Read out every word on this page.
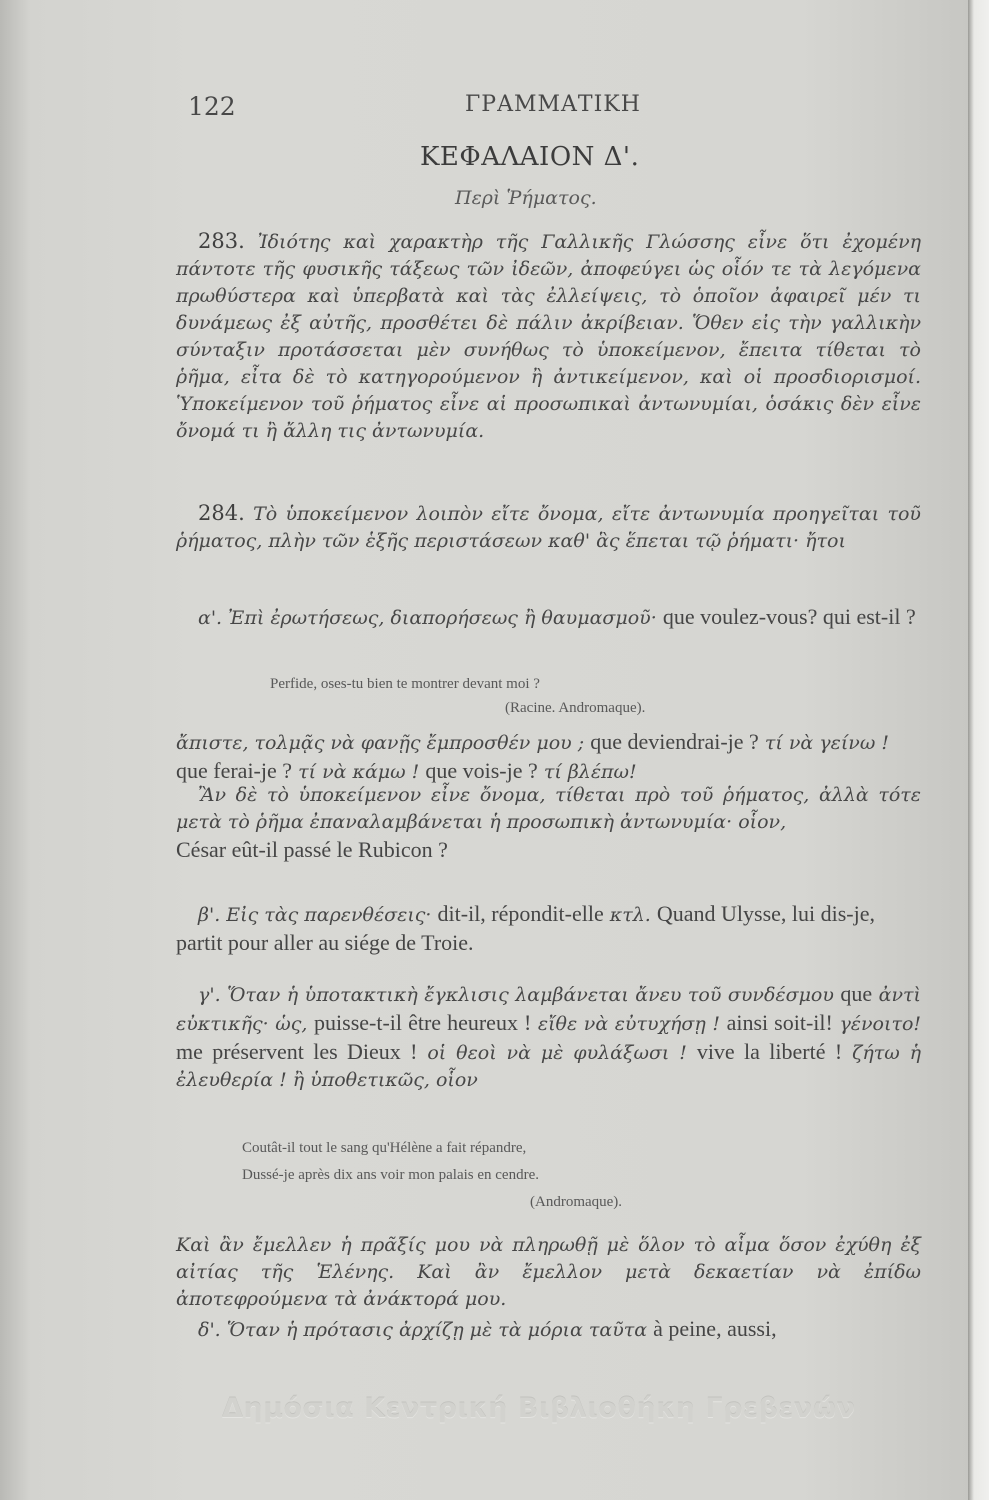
122	ΓΡΑΜΜΑΤΙΚΗ
ΚΕΦΑΛΑΙΟΝ Δ'.
Περὶ Ῥήματος.

283. Ἰδιότης καὶ χαρακτὴρ τῆς Γαλλικῆς Γλώσσης εἶνε ὅτι ἐχομένη πάντοτε τῆς φυσικῆς τάξεως τῶν ἰδεῶν, ἀποφεύγει ὡς οἷόν τε τὰ λεγόμενα πρωθύστερα καὶ ὑπερβατὰ καὶ τὰς ἐλλείψεις, τὸ ὁποῖον ἀφαιρεῖ μέν τι δυνάμεως ἐξ αὐτῆς, προσθέτει δὲ πάλιν ἀκρίβειαν. Ὅθεν εἰς τὴν γαλλικὴν σύνταξιν προτάσσεται μὲν συνήθως τὸ ὑποκείμενον, ἔπειτα τίθεται τὸ ῥῆμα, εἶτα δὲ τὸ κατηγορούμενον ἢ ἀντικείμενον, καὶ οἱ προσδιορισμοί. Ὑποκείμενον τοῦ ῥήματος εἶνε αἱ προσωπικαὶ ἀντωνυμίαι, ὁσάκις δὲν εἶνε ὄνομά τι ἢ ἄλλη τις ἀντωνυμία.

284. Τὸ ὑποκείμενον λοιπὸν εἴτε ὄνομα, εἴτε ἀντωνυμία προηγεῖται τοῦ ῥήματος, πλὴν τῶν ἑξῆς περιστάσεων καθ' ἃς ἕπεται τῷ ῥήματι· ἤτοι

α'. Ἐπὶ ἐρωτήσεως, διαπορήσεως ἢ θαυμασμοῦ· que voulez-vous? qui est-il ?

Perfide, oses-tu bien te montrer devant moi ?
(Racine. Andromaque).

ἄπιστε, τολμᾷς νὰ φανῇς ἔμπροσθέν μου ; que deviendrai-je ? τί νὰ γείνω ! que ferai-je ? τί νὰ κάμω ! que vois-je ? τί βλέπω!

Ἂν δὲ τὸ ὑποκείμενον εἶνε ὄνομα, τίθεται πρὸ τοῦ ῥήματος, ἀλλὰ τότε μετὰ τὸ ῥῆμα ἐπαναλαμβάνεται ἡ προσωπικὴ ἀντωνυμία· οἷον,
César eût-il passé le Rubicon ?

β'. Εἰς τὰς παρενθέσεις· dit-il, répondit-elle κτλ. Quand Ulysse, lui dis-je, partit pour aller au siége de Troie.

γ'. Ὅταν ἡ ὑποτακτικὴ ἔγκλισις λαμβάνεται ἄνευ τοῦ συνδέσμου que ἀντὶ εὐκτικῆς· ὡς, puisse-t-il être heureux ! εἴθε νὰ εὐτυχήσῃ ! ainsi soit-il! γένοιτο! me préservent les Dieux ! οἱ θεοὶ νὰ μὲ φυλάξωσι ! vive la liberté ! ζήτω ἡ ἐλευθερία ! ἢ ὑποθετικῶς, οἷον

Coutât-il tout le sang qu'Hélène a fait répandre,
Dussé-je après dix ans voir mon palais en cendre.
(Andromaque).

Καὶ ἂν ἔμελλεν ἡ πρᾶξίς μου νὰ πληρωθῇ μὲ ὅλον τὸ αἷμα ὅσον ἐχύθη ἐξ αἰτίας τῆς Ἑλένης. Καὶ ἂν ἔμελλον μετὰ δεκαετίαν νὰ ἐπίδω ἀποτεφρούμενα τὰ ἀνάκτορά μου.

δ'. Ὅταν ἡ πρότασις ἀρχίζῃ μὲ τὰ μόρια ταῦτα à peine, aussi,

Δημόσια Κεντρική Βιβλιοθήκη Γρεβενών
